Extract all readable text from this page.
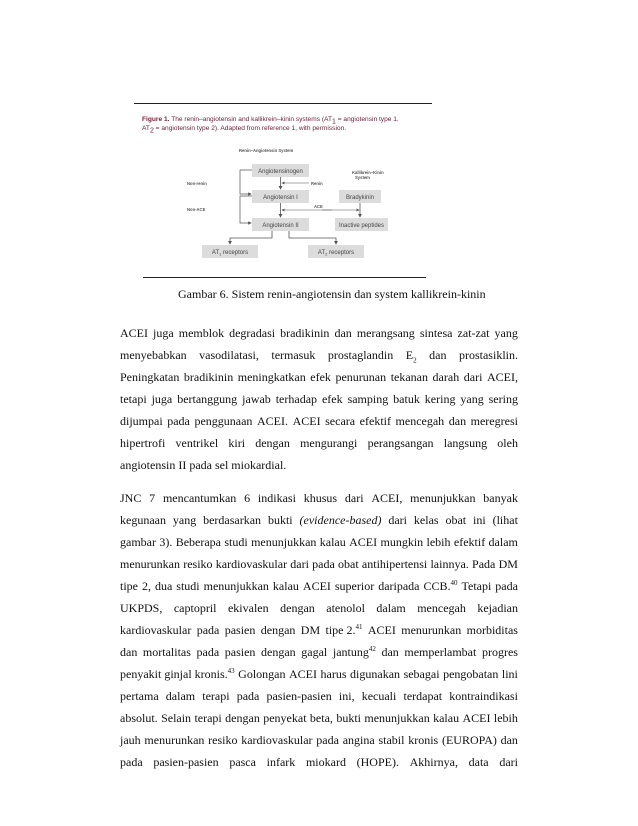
Figure 1. The renin–angiotensin and kallikrein–kinin systems ($AT_1$ = angiotensin type 1.
$AT_2$ = angiotensin type 2). Adapted from reference 1, with permission.
Renin–Angiotensin System
Kallikrein–Kinin
System
Angiotensinogen
Angiotensin I
Angiotensin II
Bradykinin
Inactive peptides
$AT_1$ receptors	$AT_2$ receptors
Non-renin
Non-ACE
Renin
ACE
Gambar 6. Sistem renin-angiotensin dan system kallikrein-kinin
ACEI juga memblok degradasi bradikinin dan merangsang sintesa zat-zat yang
menyebabkan vasodilatasi, termasuk prostaglandin $E_2$ dan prostasiklin.
Peningkatan bradikinin meningkatkan efek penurunan tekanan darah dari ACEI,
tetapi juga bertanggung jawab terhadap efek samping batuk kering yang sering
dijumpai pada penggunaan ACEI. ACEI secara efektif mencegah dan meregresi
hipertrofi ventrikel kiri dengan mengurangi perangsangan langsung oleh
angiotensin II pada sel miokardial.
JNC 7 mencantumkan 6 indikasi khusus dari ACEI, menunjukkan banyak
kegunaan yang berdasarkan bukti (evidence-based) dari kelas obat ini (lihat
gambar 3). Beberapa studi menunjukkan kalau ACEI mungkin lebih efektif dalam
menurunkan resiko kardiovaskular dari pada obat antihipertensi lainnya. Pada DM
tipe 2, dua studi menunjukkan kalau ACEI superior daripada CCB.$^{40}$ Tetapi pada
UKPDS, captopril ekivalen dengan atenolol dalam mencegah kejadian
kardiovaskular pada pasien dengan DM tipe 2.41 ACEI menurunkan morbiditas
dan mortalitas pada pasien dengan gagal jantung$^{42}$ dan memperlambat progres
penyakit ginjal kronis.$^{43}$ Golongan ACEI harus digunakan sebagai pengobatan lini
pertama dalam terapi pada pasien-pasien ini, kecuali terdapat kontraindikasi
absolut. Selain terapi dengan penyekat beta, bukti menunjukkan kalau ACEI lebih
jauh menurunkan resiko kardiovaskular pada angina stabil kronis (EUROPA) dan
pada pasien-pasien pasca infark miokard (HOPE). Akhirnya, data dari
